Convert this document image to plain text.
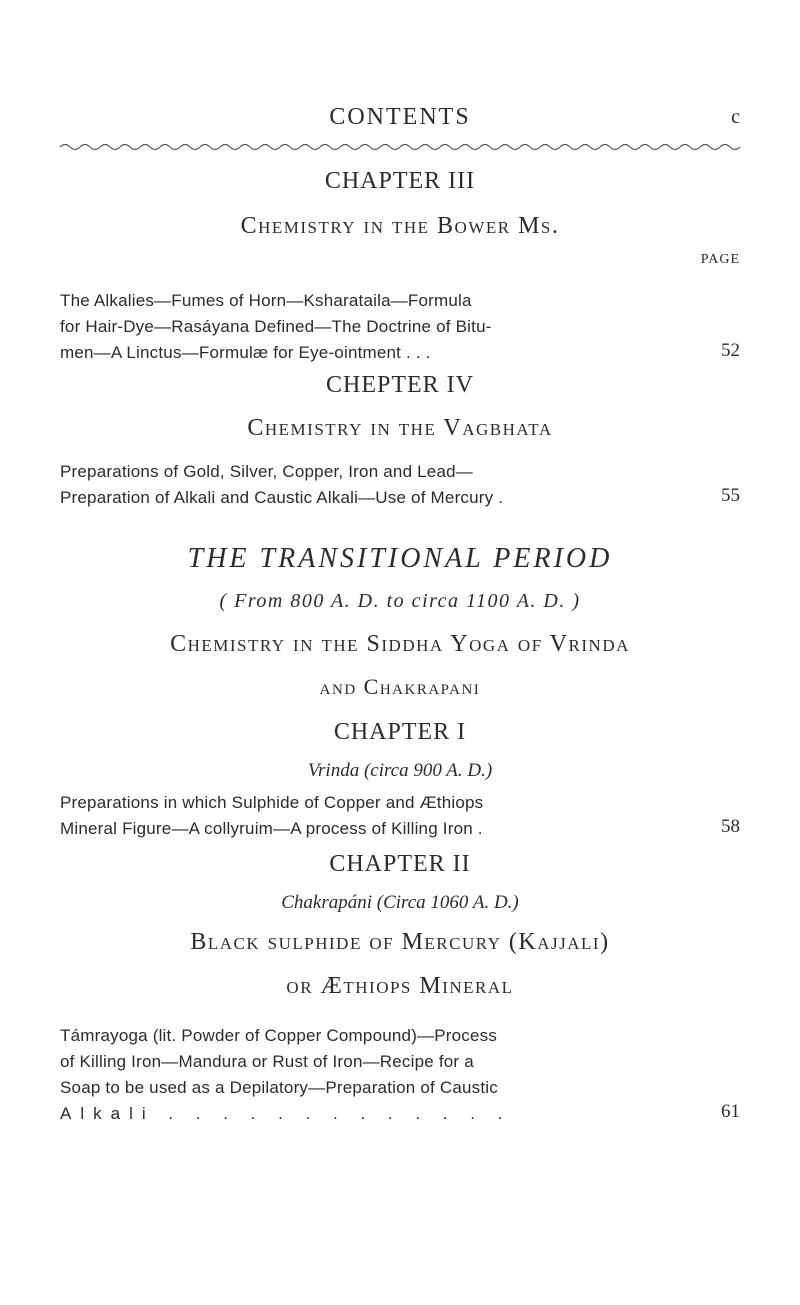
CONTENTS	c
CHAPTER III
Chemistry in the Bower Ms.
PAGE
The Alkalies—Fumes of Horn—Ksharataila—Formula
for Hair-Dye—Rasáyana Defined—The Doctrine of Bitu-
men—A Linctus—Formulæ for Eye-ointment . . .	52
CHEPTER IV
Chemistry in the Vagbhata
Preparations of Gold, Silver, Copper, Iron and Lead—
Preparation of Alkali and Caustic Alkali—Use of Mercury .	55
THE TRANSITIONAL PERIOD
( From 800 A. D. to circa 1100 A. D. )
Chemistry in the Siddha Yoga of Vrinda
and Chakrapani
CHAPTER I
Vrinda (circa 900 A. D.)
Preparations in which Sulphide of Copper and Æthiops
Mineral Figure—A collyruim—A process of Killing Iron .	58
CHAPTER II
Chakrapáni (Circa 1060 A. D.)
Black sulphide of Mercury (Kajjali)
or Æthiops Mineral
Támrayoga (lit. Powder of Copper Compound)—Process
of Killing Iron—Mandura or Rust of Iron—Recipe for a
Soap to be used as a Depilatory—Preparation of Caustic
Alkali . . . . . . . . . . . . .	61
